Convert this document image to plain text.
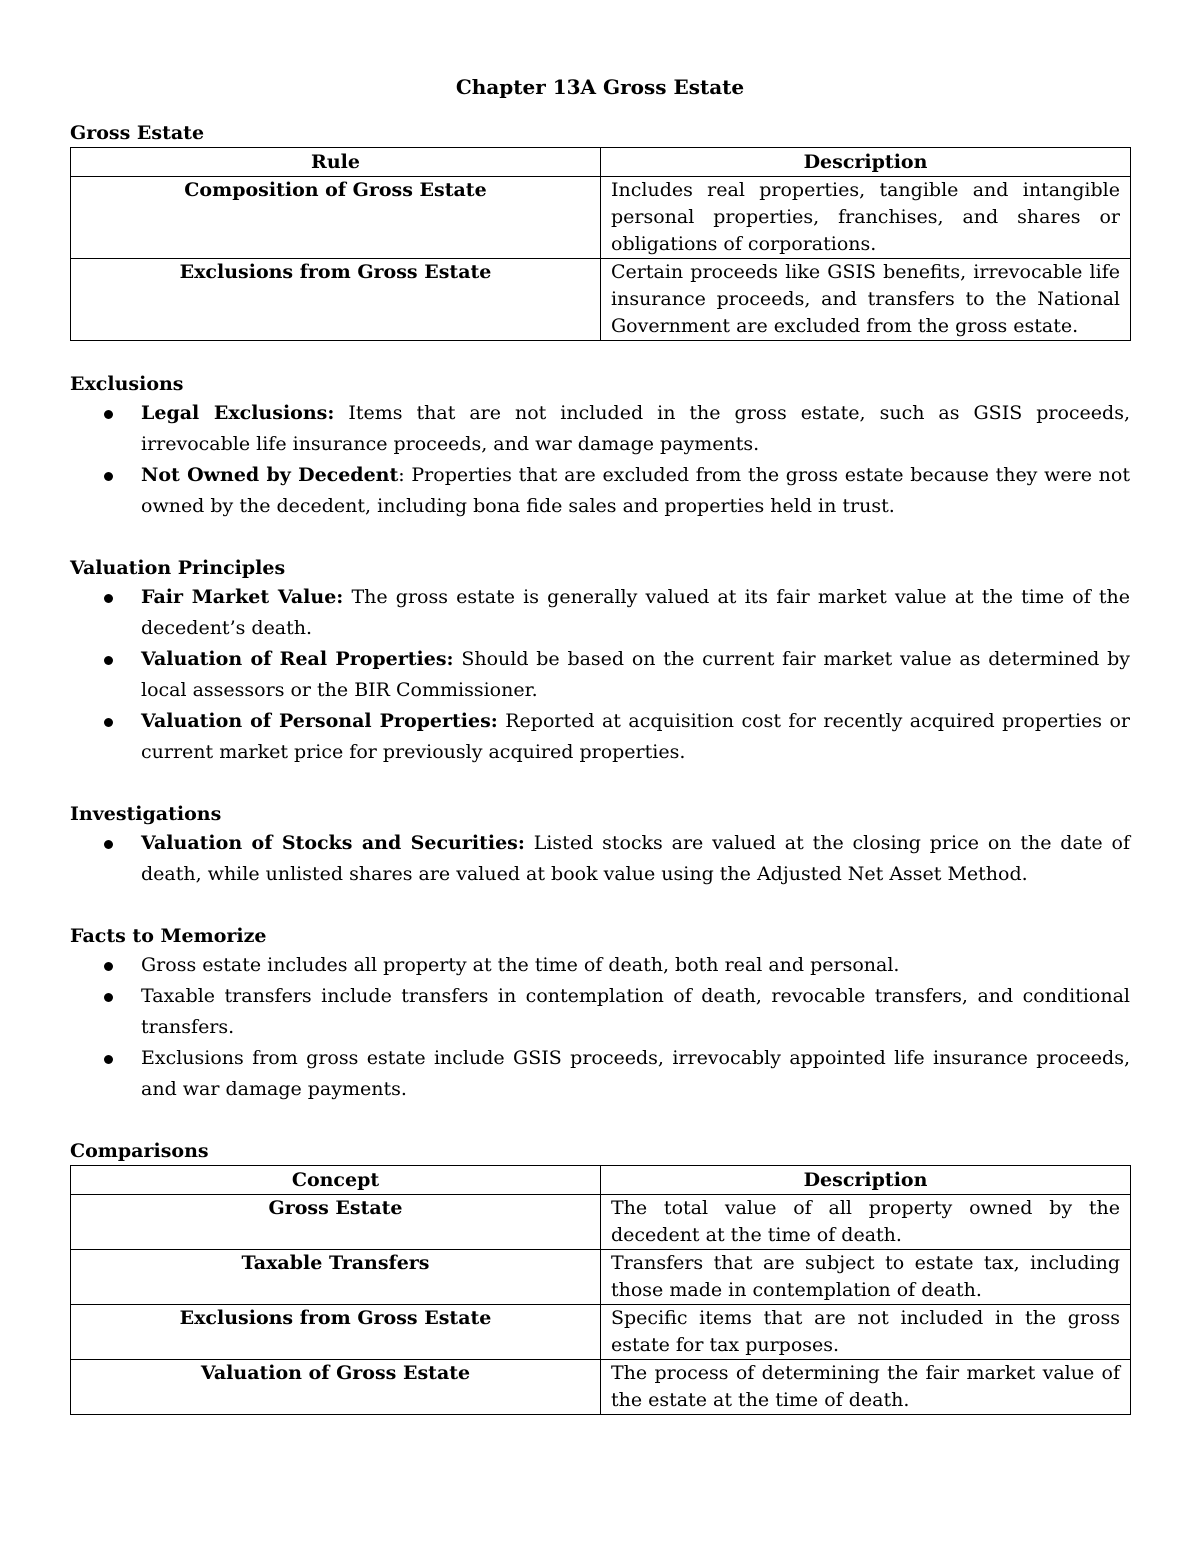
Chapter 13A Gross Estate
Gross Estate
Rule	Description
Composition of Gross Estate	Includes real properties, tangible and intangible personal properties, franchises, and shares or obligations of corporations.
Exclusions from Gross Estate	Certain proceeds like GSIS benefits, irrevocable life insurance proceeds, and transfers to the National Government are excluded from the gross estate.
Exclusions
Legal Exclusions: Items that are not included in the gross estate, such as GSIS proceeds, irrevocable life insurance proceeds, and war damage payments.
Not Owned by Decedent: Properties that are excluded from the gross estate because they were not owned by the decedent, including bona fide sales and properties held in trust.
Valuation Principles
Fair Market Value: The gross estate is generally valued at its fair market value at the time of the decedent’s death.
Valuation of Real Properties: Should be based on the current fair market value as determined by local assessors or the BIR Commissioner.
Valuation of Personal Properties: Reported at acquisition cost for recently acquired properties or current market price for previously acquired properties.
Investigations
Valuation of Stocks and Securities: Listed stocks are valued at the closing price on the date of death, while unlisted shares are valued at book value using the Adjusted Net Asset Method.
Facts to Memorize
Gross estate includes all property at the time of death, both real and personal.
Taxable transfers include transfers in contemplation of death, revocable transfers, and conditional transfers.
Exclusions from gross estate include GSIS proceeds, irrevocably appointed life insurance proceeds, and war damage payments.
Comparisons
Concept	Description
Gross Estate	The total value of all property owned by the decedent at the time of death.
Taxable Transfers	Transfers that are subject to estate tax, including those made in contemplation of death.
Exclusions from Gross Estate	Specific items that are not included in the gross estate for tax purposes.
Valuation of Gross Estate	The process of determining the fair market value of the estate at the time of death.
